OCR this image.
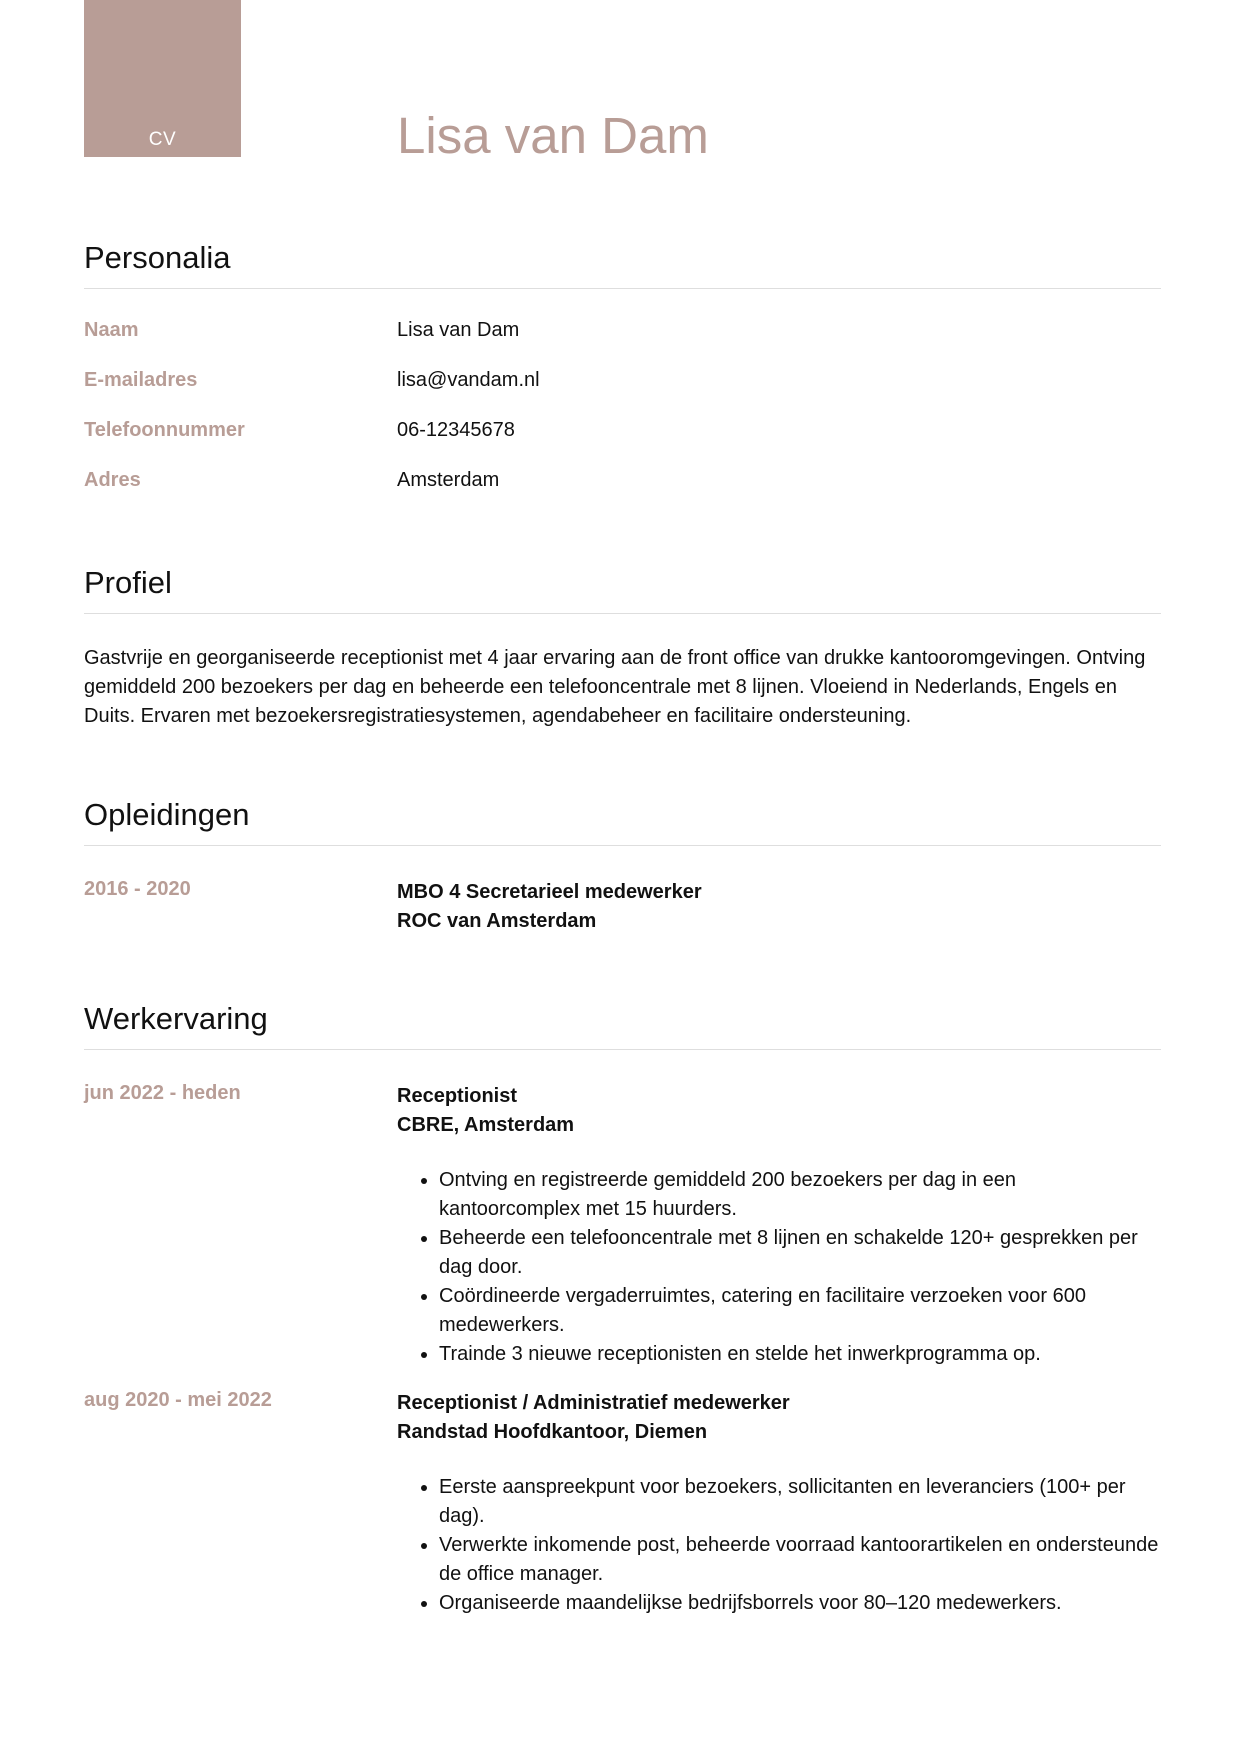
CV	Lisa van Dam
Personalia
Naam	Lisa van Dam
E-mailadres	lisa@vandam.nl
Telefoonnummer	06-12345678
Adres	Amsterdam
Profiel

Gastvrije en georganiseerde receptionist met 4 jaar ervaring aan de front office van drukke kantooromgevingen. Ontving gemiddeld 200 bezoekers per dag en beheerde een telefooncentrale met 8 lijnen. Vloeiend in Nederlands, Engels en Duits. Ervaren met bezoekersregistratiesystemen, agendabeheer en facilitaire ondersteuning.

Opleidingen
2016 - 2020	MBO 4 Secretarieel medewerker
ROC van Amsterdam
Werkervaring
jun 2022 - heden	Receptionist
CBRE, Amsterdam
• Ontving en registreerde gemiddeld 200 bezoekers per dag in een kantoorcomplex met 15 huurders.
• Beheerde een telefooncentrale met 8 lijnen en schakelde 120+ gesprekken per dag door.
• Coördineerde vergaderruimtes, catering en facilitaire verzoeken voor 600 medewerkers.
• Trainde 3 nieuwe receptionisten en stelde het inwerkprogramma op.
aug 2020 - mei 2022	Receptionist / Administratief medewerker
Randstad Hoofdkantoor, Diemen
• Eerste aanspreekpunt voor bezoekers, sollicitanten en leveranciers (100+ per dag).
• Verwerkte inkomende post, beheerde voorraad kantoorartikelen en ondersteunde de office manager.
• Organiseerde maandelijkse bedrijfsborrels voor 80–120 medewerkers.
